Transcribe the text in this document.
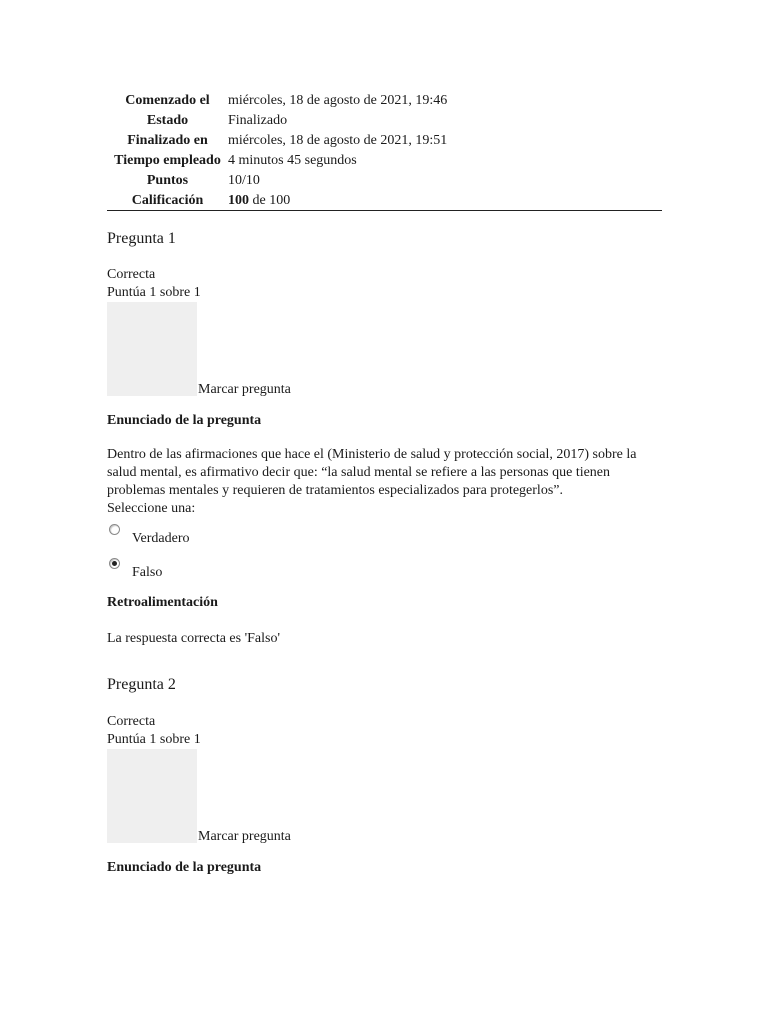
Comenzado el	miércoles, 18 de agosto de 2021, 19:46
Estado	Finalizado
Finalizado en	miércoles, 18 de agosto de 2021, 19:51
Tiempo empleado	4 minutos 45 segundos
Puntos	10/10
Calificación	100 de 100
Pregunta 1
Correcta
Puntúa 1 sobre 1
Marcar pregunta
Enunciado de la pregunta
Dentro de las afirmaciones que hace el (Ministerio de salud y protección social, 2017) sobre la salud mental, es afirmativo decir que: “la salud mental se refiere a las personas que tienen problemas mentales y requieren de tratamientos especializados para protegerlos”.
Seleccione una:
Verdadero
Falso
Retroalimentación
La respuesta correcta es 'Falso'
Pregunta 2
Correcta
Puntúa 1 sobre 1
Marcar pregunta
Enunciado de la pregunta
